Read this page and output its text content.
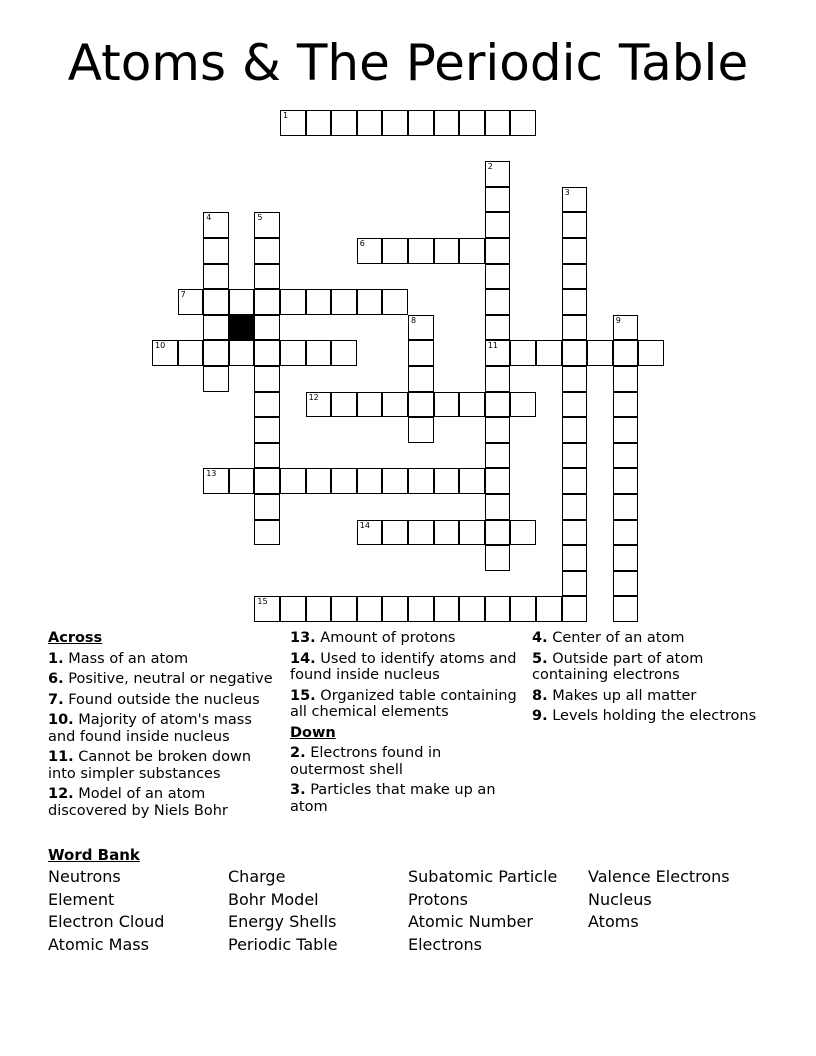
Atoms & The Periodic Table
1
6
7
10	11
12
13
14
15
2
3
4	5
8	9
Across
1. Mass of an atom
6. Positive, neutral or negative
7. Found outside the nucleus
10. Majority of atom's mass and found inside nucleus
11. Cannot be broken down into simpler substances
12. Model of an atom discovered by Niels Bohr
13. Amount of protons
14. Used to identify atoms and found inside nucleus
15. Organized table containing all chemical elements
Down
2. Electrons found in outermost shell
3. Particles that make up an atom
4. Center of an atom
5. Outside part of atom containing electrons
8. Makes up all matter
9. Levels holding the electrons
Word Bank
Neutrons	Charge	Subatomic Particle	Valence Electrons
Element	Bohr Model	Protons	Nucleus
Electron Cloud	Energy Shells	Atomic Number	Atoms
Atomic Mass	Periodic Table	Electrons
